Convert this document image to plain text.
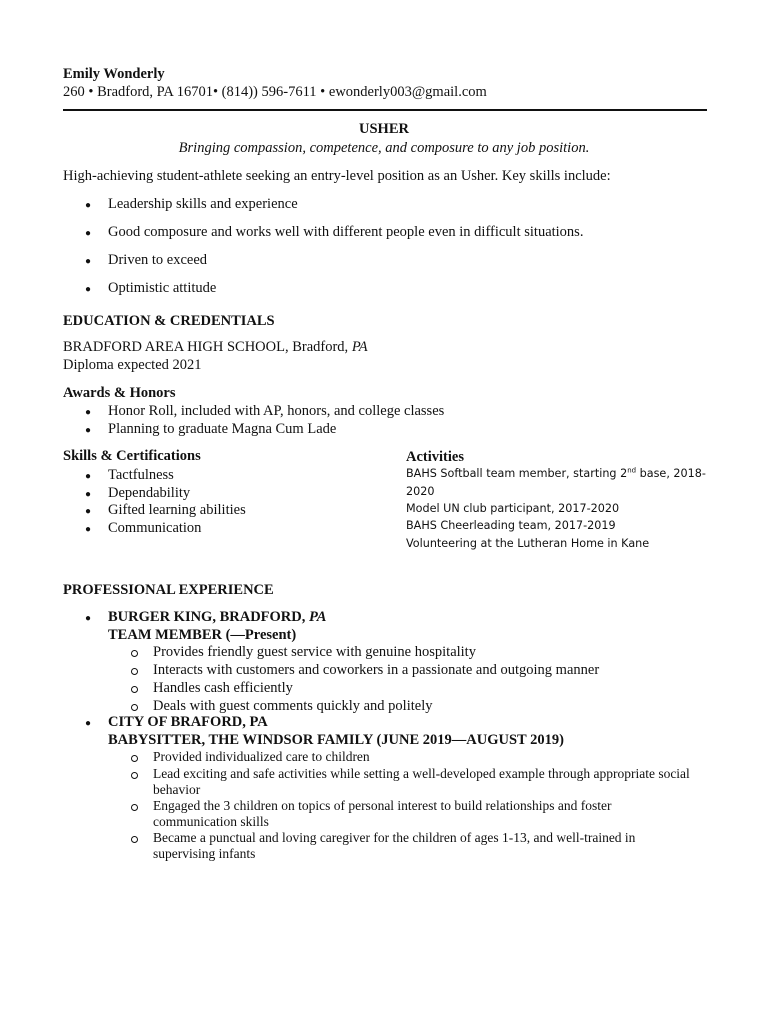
Emily Wonderly
260 • Bradford, PA 16701• (814)) 596-7611 • ewonderly003@gmail.com
USHER
Bringing compassion, competence, and composure to any job position.
High-achieving student-athlete seeking an entry-level position as an Usher. Key skills include:
● Leadership skills and experience
● Good composure and works well with different people even in difficult situations.
● Driven to exceed
● Optimistic attitude
EDUCATION & CREDENTIALS
BRADFORD AREA HIGH SCHOOL, Bradford, PA
Diploma expected 2021
Awards & Honors
● Honor Roll, included with AP, honors, and college classes
● Planning to graduate Magna Cum Lade
Skills & Certifications
● Tactfulness
● Dependability
● Gifted learning abilities
● Communication
Activities
BAHS Softball team member, starting 2nd base, 2018-
2020
Model UN club participant, 2017-2020
BAHS Cheerleading team, 2017-2019
Volunteering at the Lutheran Home in Kane
PROFESSIONAL EXPERIENCE
● BURGER KING, BRADFORD, PA
TEAM MEMBER (—Present)
Provides friendly guest service with genuine hospitality
Interacts with customers and coworkers in a passionate and outgoing manner
Handles cash efficiently
Deals with guest comments quickly and politely
● CITY OF BRAFORD, PA
BABYSITTER, THE WINDSOR FAMILY (JUNE 2019—AUGUST 2019)
Provided individualized care to children
Lead exciting and safe activities while setting a well-developed example through appropriate social
behavior
Engaged the 3 children on topics of personal interest to build relationships and foster
communication skills
Became a punctual and loving caregiver for the children of ages 1-13, and well-trained in
supervising infants
